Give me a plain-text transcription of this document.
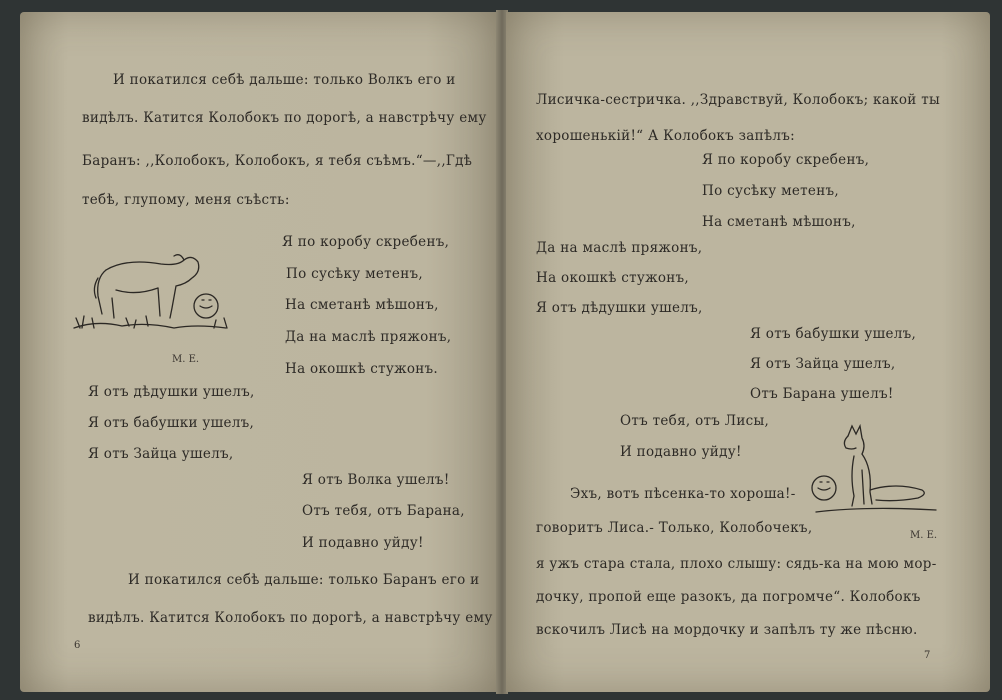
И покатился себѣ дальше: только Волкъ его и
видѣлъ. Катится Колобокъ по дорогѣ, а навстрѣчу ему
Баранъ: ,,Колобокъ, Колобокъ, я тебя съѣмъ.“—,,Гдѣ
тебѣ, глупому, меня съѣсть:
Я по коробу скребенъ,
По сусѣку метенъ,
На сметанѣ мѣшонъ,
Да на маслѣ пряжонъ,
На окошкѣ стужонъ.
Я отъ дѣдушки ушелъ,
Я отъ бабушки ушелъ,
Я отъ Зайца ушелъ,
Я отъ Волка ушелъ!
Отъ тебя, отъ Барана,
И подавно уйду!
И покатился себѣ дальше: только Баранъ его и
видѣлъ. Катится Колобокъ по дорогѣ, а навстрѣчу ему
6
М. Е.
Лисичка-сестричка. ,,Здравствуй, Колобокъ; какой ты
хорошенькій!“ А Колобокъ запѣлъ:
Я по коробу скребенъ,
По сусѣку метенъ,
На сметанѣ мѣшонъ,
Да на маслѣ пряжонъ,
На окошкѣ стужонъ,
Я отъ дѣдушки ушелъ,
Я отъ бабушки ушелъ,
Я отъ Зайца ушелъ,
Отъ Барана ушелъ!
Отъ тебя, отъ Лисы,
И подавно уйду!
Эхъ, вотъ пѣсенка-то хороша!-
говоритъ Лиса.- Только, Колобочекъ,
я ужъ стара стала, плохо слышу: сядь-ка на мою мор-
дочку, пропой еще разокъ, да погромче“. Колобокъ
вскочилъ Лисѣ на мордочку и запѣлъ ту же пѣсню.
7
М. Е.
